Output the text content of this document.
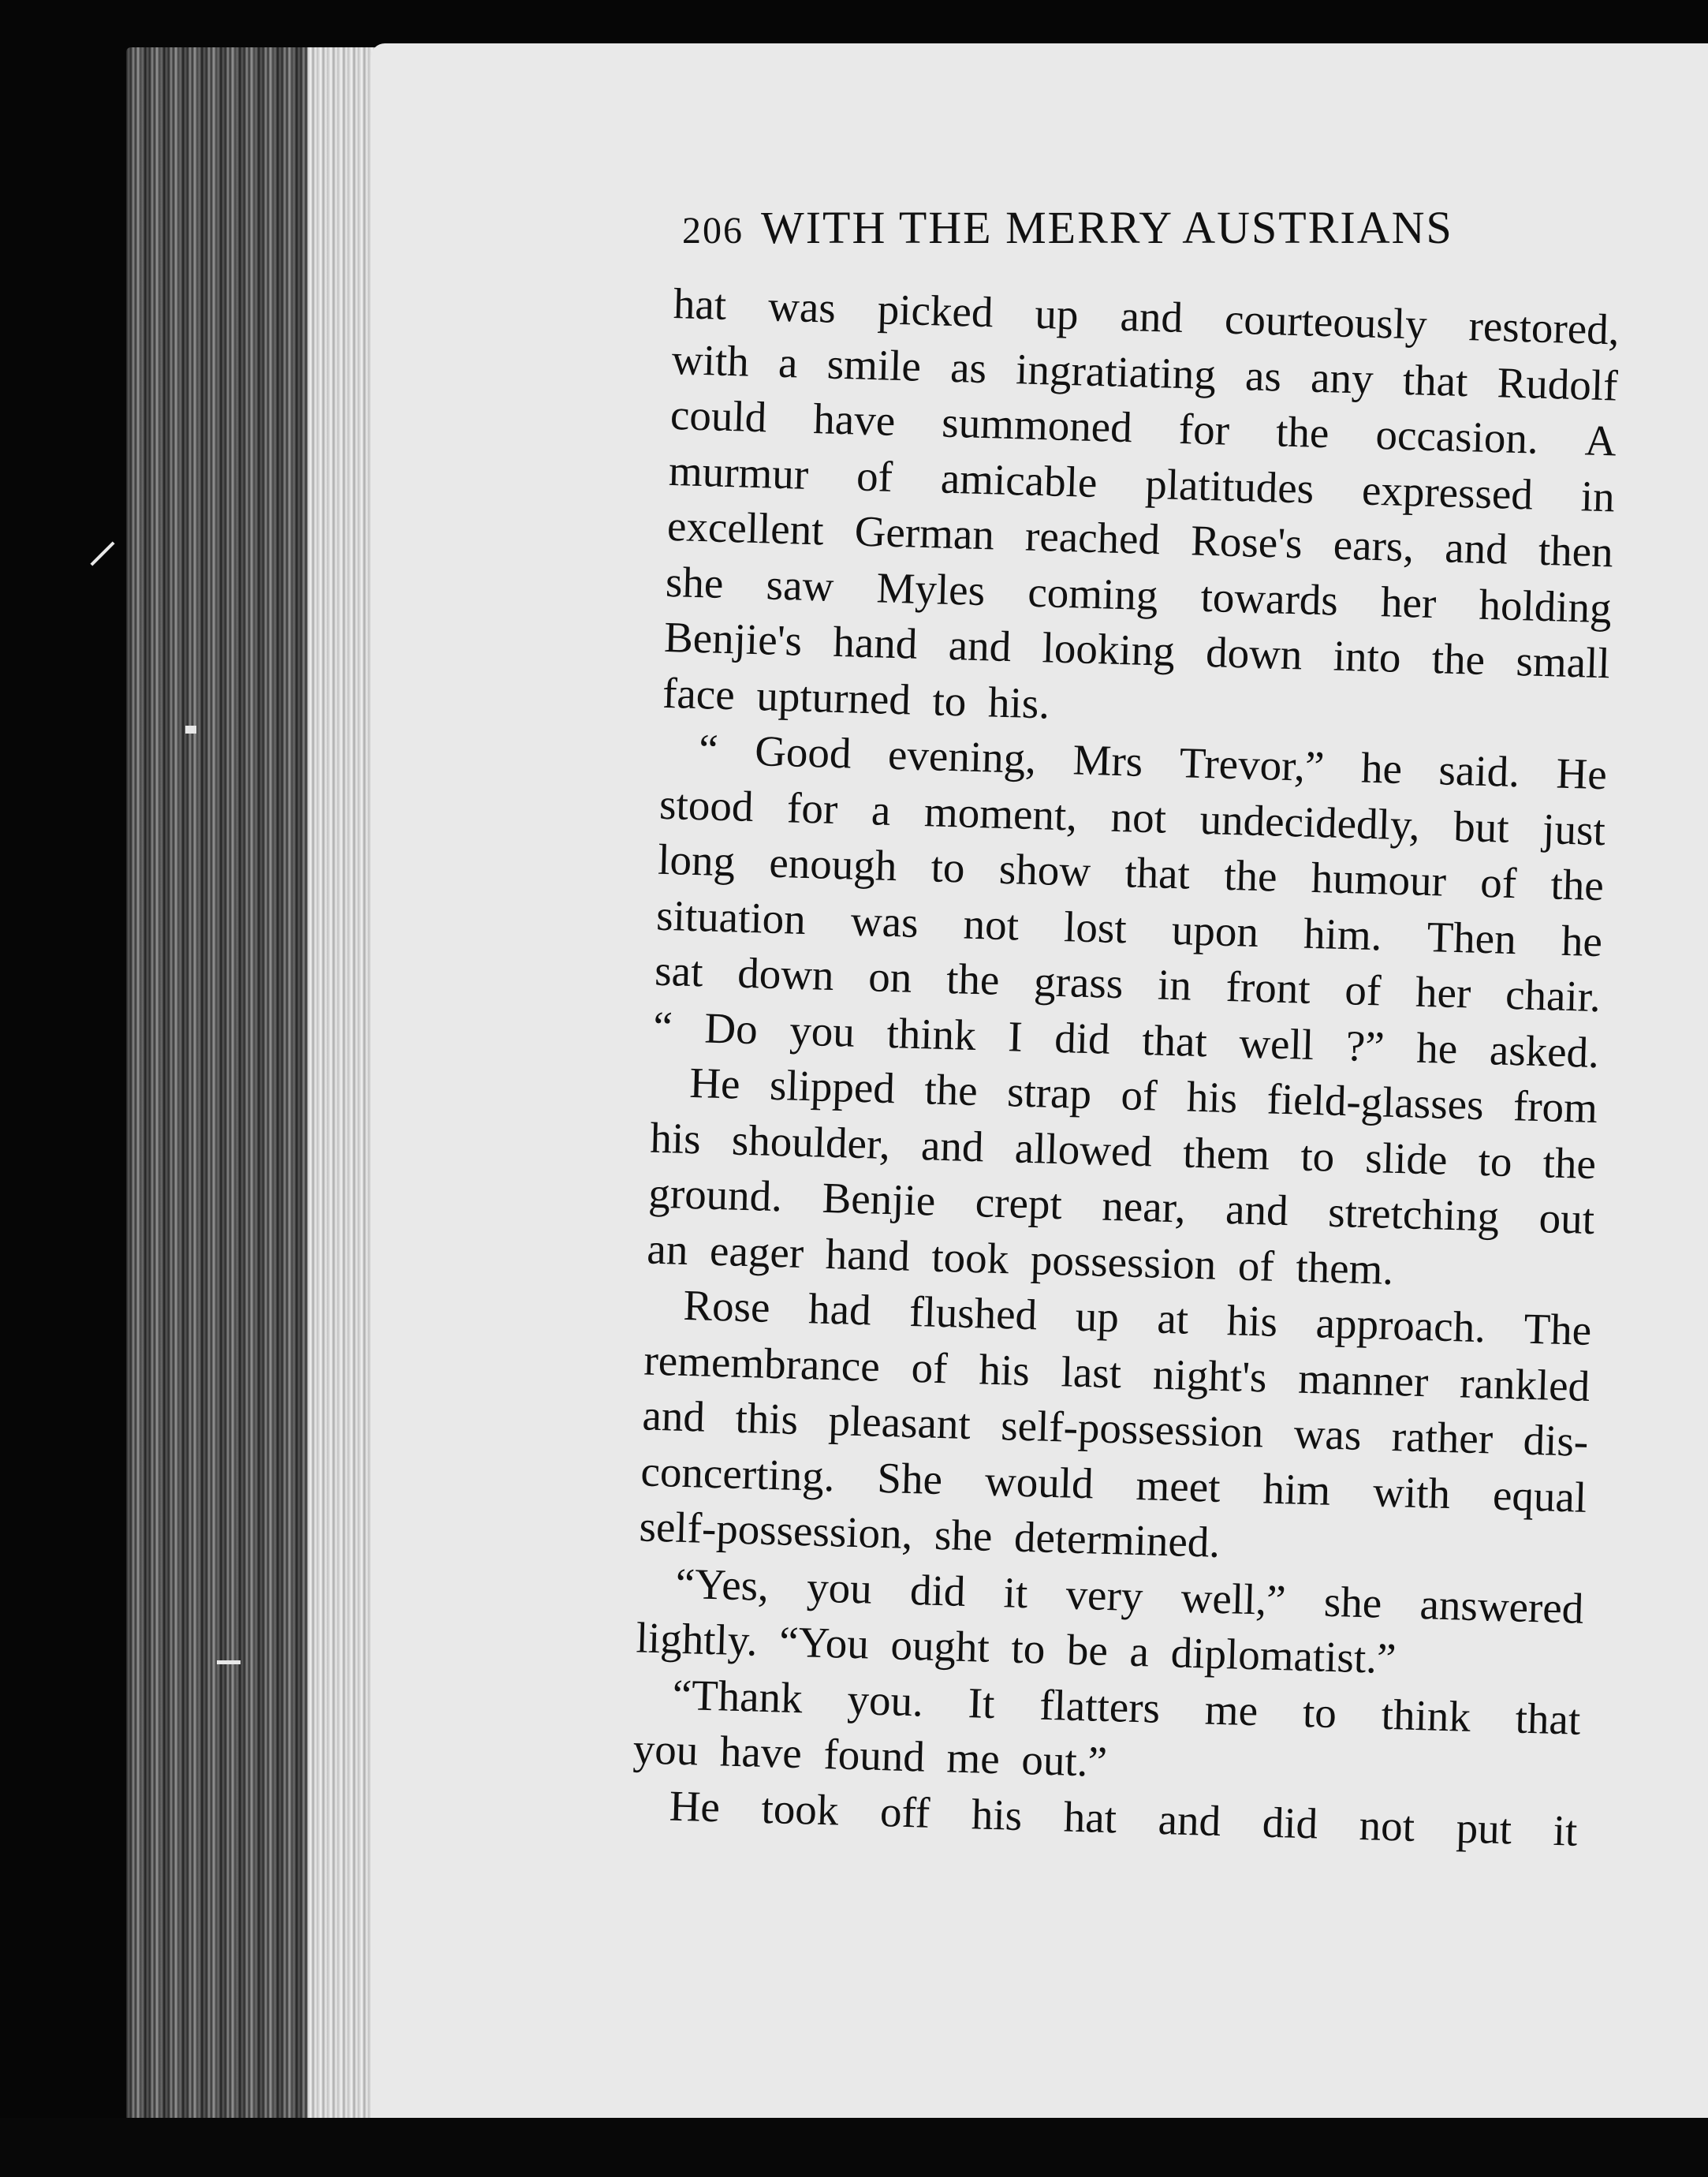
206 WITH THE MERRY AUSTRIANS
hat was picked up and courteously restored,
with a smile as ingratiating as any that Rudolf
could have summoned for the occasion. A
murmur of amicable platitudes expressed in
excellent German reached Rose's ears, and then
she saw Myles coming towards her holding
Benjie's hand and looking down into the small
face upturned to his.
“ Good evening, Mrs Trevor,” he said. He
stood for a moment, not undecidedly, but just
long enough to show that the humour of the
situation was not lost upon him. Then he
sat down on the grass in front of her chair.
“ Do you think I did that well ?” he asked.
He slipped the strap of his field-glasses from
his shoulder, and allowed them to slide to the
ground. Benjie crept near, and stretching out
an eager hand took possession of them.
Rose had flushed up at his approach. The
remembrance of his last night's manner rankled
and this pleasant self-possession was rather dis-
concerting. She would meet him with equal
self-possession, she determined.
“Yes, you did it very well,” she answered
lightly. “You ought to be a diplomatist.”
“Thank you. It flatters me to think that
you have found me out.”
He took off his hat and did not put it
